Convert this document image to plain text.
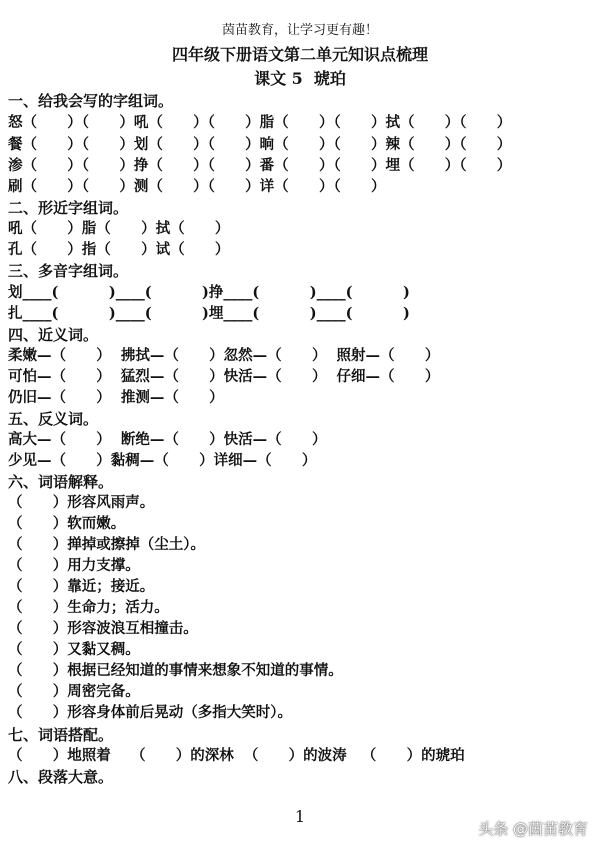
茵苗教育，让学习更有趣！
四年级下册语文第二单元知识点梳理
课文 5  琥珀
一、给我会写的字组词。
怒（      ）（      ）吼（      ）（      ）脂（      ）（      ）拭（      ）（      ）
餐（      ）（      ）划（      ）（      ）晌（      ）（      ）辣（      ）（      ）
渗（      ）（      ）挣（      ）（      ）番（      ）（      ）埋（      ）（      ）
刷（      ）（      ）测（      ）（      ）详（      ）（      ）
二、形近字组词。
吼（      ）脂（      ）拭（      ）
孔（      ）指（      ）试（      ）
三、多音字组词。
划____(          )____(          )挣____(          )____(          )
扎____(          )____(          )埋____(          )____(          )
四、近义词。
柔嫩—（      ）  拂拭—（      ）忽然—（      ）  照射—（      ）
可怕—（      ）  猛烈—（      ）快活—（      ）  仔细—（      ）
仍旧—（      ）  推测—（      ）
五、反义词。
高大—（      ）  断绝—（      ）快活—（      ）
少见—（      ）黏稠—（      ）详细—（      ）
六、词语解释。
（      ）形容风雨声。
（      ）软而嫩。
（      ）掸掉或擦掉（尘土）。
（      ）用力支撑。
（      ）靠近；接近。
（      ）生命力；活力。
（      ）形容波浪互相撞击。
（      ）又黏又稠。
（      ）根据已经知道的事情来想象不知道的事情。
（      ）周密完备。
（      ）形容身体前后晃动（多指大笑时）。
七、词语搭配。
（      ）地照着    （      ）的深林  （      ）的波涛   （      ）的琥珀
八、段落大意。
1
头条 @茵苗教育
